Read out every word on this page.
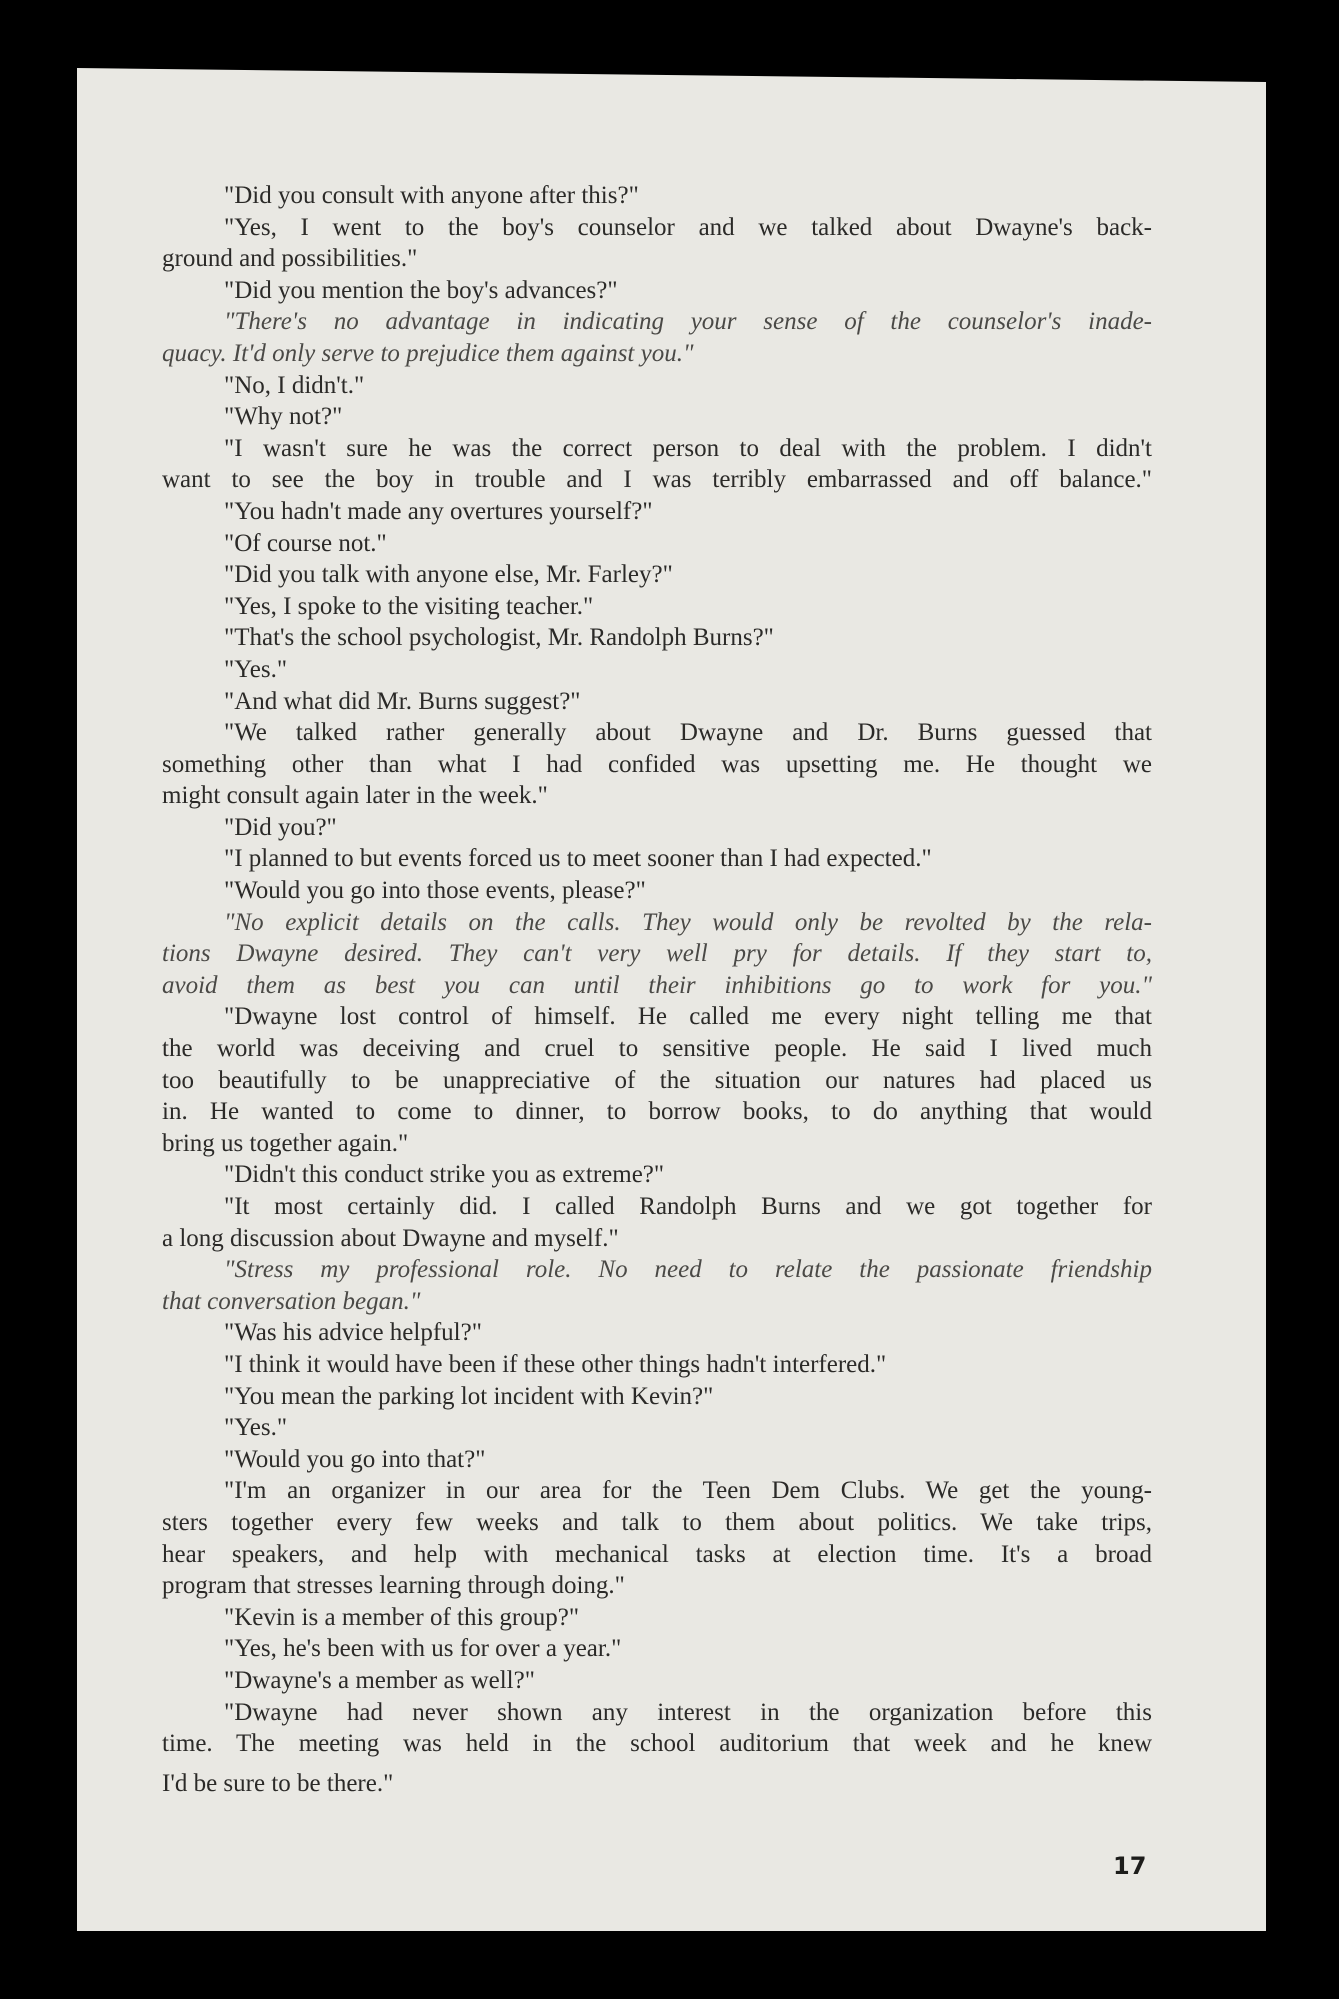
"Did you consult with anyone after this?"
"Yes, I went to the boy's counselor and we talked about Dwayne's back-
ground and possibilities."
"Did you mention the boy's advances?"
"There's no advantage in indicating your sense of the counselor's inade-
quacy. It'd only serve to prejudice them against you."
"No, I didn't."
"Why not?"
"I wasn't sure he was the correct person to deal with the problem. I didn't
want to see the boy in trouble and I was terribly embarrassed and off balance."
"You hadn't made any overtures yourself?"
"Of course not."
"Did you talk with anyone else, Mr. Farley?"
"Yes, I spoke to the visiting teacher."
"That's the school psychologist, Mr. Randolph Burns?"
"Yes."
"And what did Mr. Burns suggest?"
"We talked rather generally about Dwayne and Dr. Burns guessed that
something other than what I had confided was upsetting me. He thought we
might consult again later in the week."
"Did you?"
"I planned to but events forced us to meet sooner than I had expected."
"Would you go into those events, please?"
"No explicit details on the calls. They would only be revolted by the rela-
tions Dwayne desired. They can't very well pry for details. If they start to,
avoid them as best you can until their inhibitions go to work for you."
"Dwayne lost control of himself. He called me every night telling me that
the world was deceiving and cruel to sensitive people. He said I lived much
too beautifully to be unappreciative of the situation our natures had placed us
in. He wanted to come to dinner, to borrow books, to do anything that would
bring us together again."
"Didn't this conduct strike you as extreme?"
"It most certainly did. I called Randolph Burns and we got together for
a long discussion about Dwayne and myself."
"Stress my professional role. No need to relate the passionate friendship
that conversation began."
"Was his advice helpful?"
"I think it would have been if these other things hadn't interfered."
"You mean the parking lot incident with Kevin?"
"Yes."
"Would you go into that?"
"I'm an organizer in our area for the Teen Dem Clubs. We get the young-
sters together every few weeks and talk to them about politics. We take trips,
hear speakers, and help with mechanical tasks at election time. It's a broad
program that stresses learning through doing."
"Kevin is a member of this group?"
"Yes, he's been with us for over a year."
"Dwayne's a member as well?"
"Dwayne had never shown any interest in the organization before this
time. The meeting was held in the school auditorium that week and he knew
I'd be sure to be there."
17
